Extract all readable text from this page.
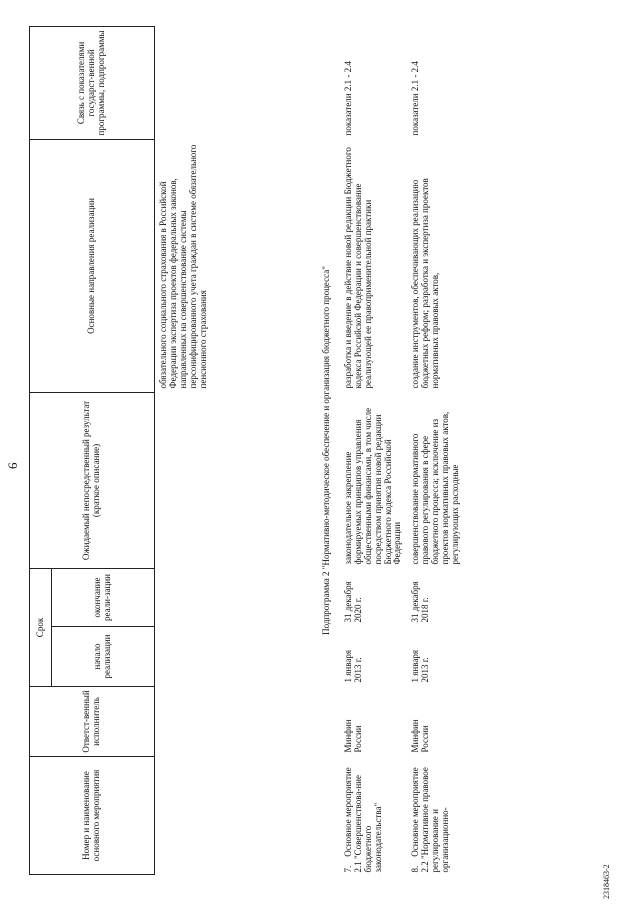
6
Номер и наименование основного мероприятия	Ответст-венный исполнитель	Срок		Ожидаемый непосредственный результат (краткое описание)	Основные направления реализации	Связь с показателями государст-венной программы, подпрограммы
		начало реализации	окончание реали-зации			
					обязательного социального страхования в Российской Федерации экспертиза проектов федеральных законов, направленных на совершенствование системы персонифицированного учета граждан в системе обязательного пенсионного страхования	
Подпрограмма 2 "Нормативно-методическое обеспечение и организация бюджетного процесса"						
7.    Основное мероприятие 2.1 "Совершенствова-ние бюджетного законодательства"	Минфин России	1 января 2013 г.	31 декабря 2020 г.	законодательное закрепление формируемых принципов управления общественными финансами, в том числе посредством принятия новой редакции Бюджетного кодекса Российской Федерации	разработка и введение в действие новой редакции Бюджетного кодекса Российской Федерации и совершенствование реализующей ее правоприменительной практики	показатели 2.1 - 2.4
8.    Основное мероприятие 2.2 "Нормативное правовое регулирование и организационно-	Минфин России	1 января 2013 г.	31 декабря 2018 г.	совершенствование нормативного правового регулирования в сфере бюджетного процесса; исключение из проектов нормативных правовых актов, регулирующих расходные	создание инструментов, обеспечивающих реализацию бюджетных реформ; разработка и экспертиза проектов нормативных правовых актов,	показатели 2.1 - 2.4
2318463-2
